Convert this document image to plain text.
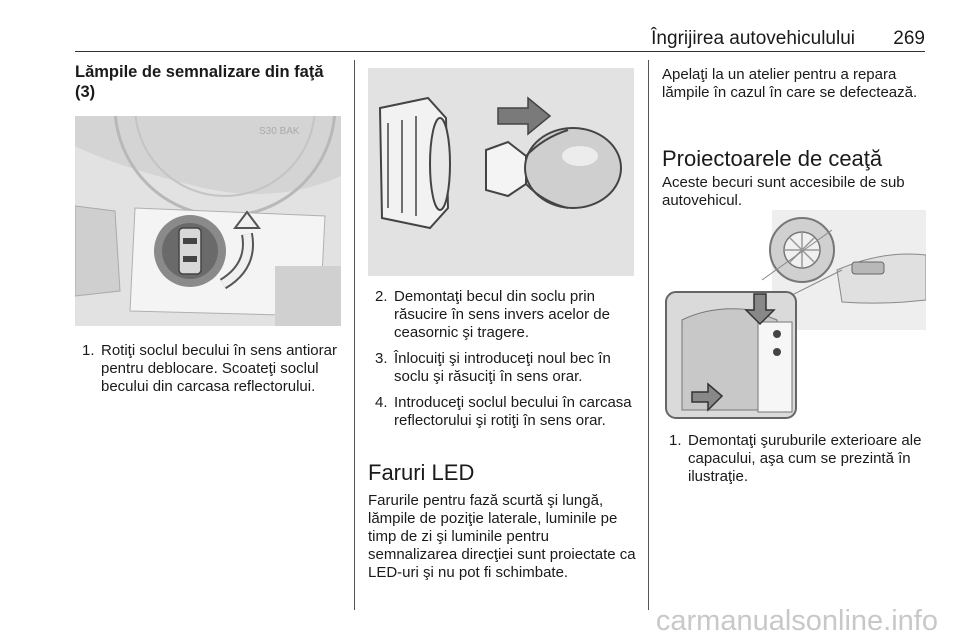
Îngrijirea autovehiculului 269
Lămpile de semnalizare din faţă (3)
S30 BAK
1. Rotiţi soclul becului în sens antiorar pentru deblocare. Scoateţi soclul becului din carcasa reflectorului.
2. Demontaţi becul din soclu prin răsucire în sens invers acelor de ceasornic şi tragere.
3. Înlocuiţi şi introduceţi noul bec în soclu şi răsuciţi în sens orar.
4. Introduceţi soclul becului în carcasa reflectorului şi rotiţi în sens orar.
Faruri LED
Farurile pentru fază scurtă şi lungă, lămpile de poziţie laterale, luminile pe timp de zi şi luminile pentru semnalizarea direcţiei sunt proiectate ca LED-uri şi nu pot fi schimbate.
Apelaţi la un atelier pentru a repara lămpile în cazul în care se defectează.
Proiectoarele de ceaţă
Aceste becuri sunt accesibile de sub autovehicul.
1. Demontaţi şuruburile exterioare ale capacului, aşa cum se prezintă în ilustraţie.
carmanualsonline.info
